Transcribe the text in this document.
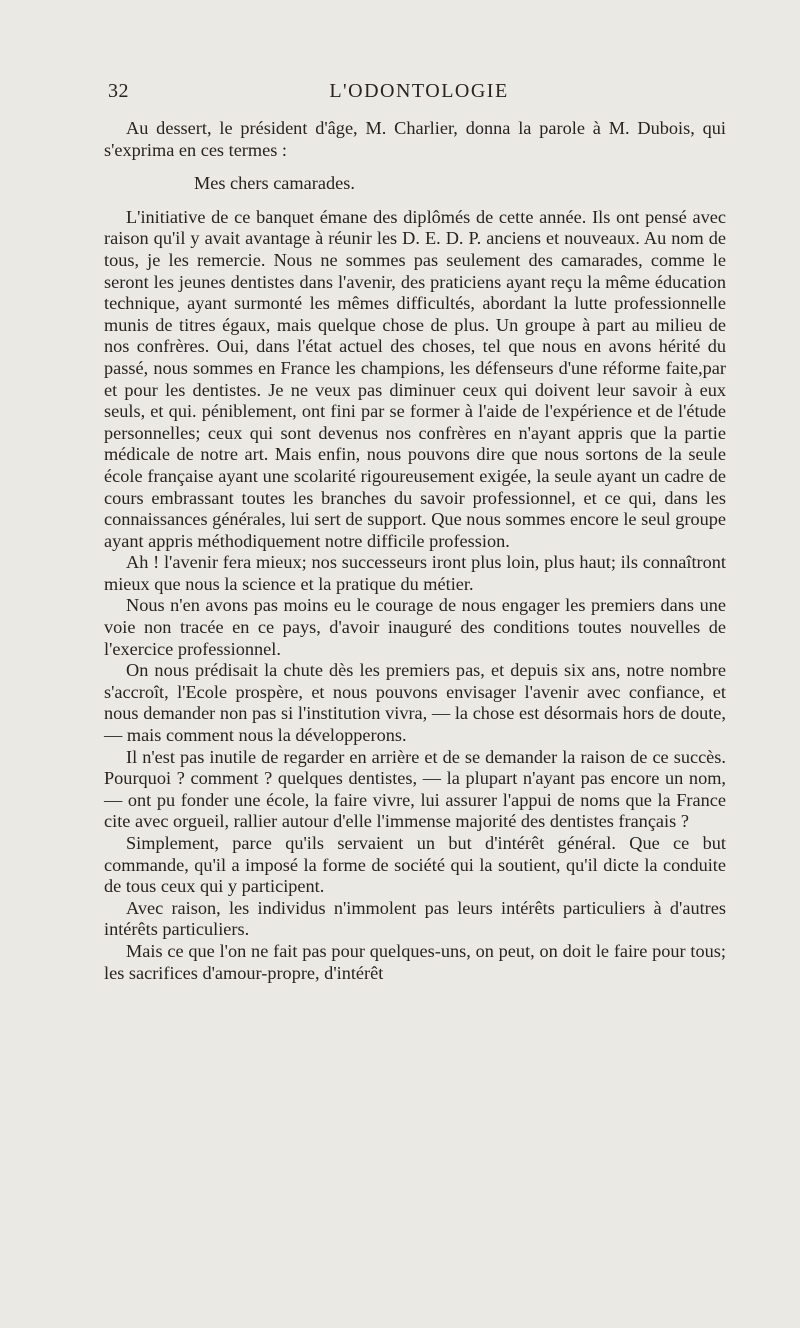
32	L'ODONTOLOGIE

Au dessert, le président d'âge, M. Charlier, donna la parole à M. Dubois, qui s'exprima en ces termes :

Mes chers camarades.

L'initiative de ce banquet émane des diplômés de cette année. Ils ont pensé avec raison qu'il y avait avantage à réunir les D. E. D. P. anciens et nouveaux. Au nom de tous, je les remercie. Nous ne sommes pas seulement des camarades, comme le seront les jeunes dentistes dans l'avenir, des praticiens ayant reçu la même éducation technique, ayant surmonté les mêmes difficultés, abordant la lutte professionnelle munis de titres égaux, mais quelque chose de plus. Un groupe à part au milieu de nos confrères. Oui, dans l'état actuel des choses, tel que nous en avons hérité du passé, nous sommes en France les champions, les défenseurs d'une réforme faite,par et pour les dentistes. Je ne veux pas diminuer ceux qui doivent leur savoir à eux seuls, et qui. péniblement, ont fini par se former à l'aide de l'expérience et de l'étude personnelles; ceux qui sont devenus nos confrères en n'ayant appris que la partie médicale de notre art. Mais enfin, nous pouvons dire que nous sortons de la seule école française ayant une scolarité rigoureusement exigée, la seule ayant un cadre de cours embrassant toutes les branches du savoir professionnel, et ce qui, dans les connaissances générales, lui sert de support. Que nous sommes encore le seul groupe ayant appris méthodiquement notre difficile profession.

Ah ! l'avenir fera mieux; nos successeurs iront plus loin, plus haut; ils connaîtront mieux que nous la science et la pratique du métier.

Nous n'en avons pas moins eu le courage de nous engager les premiers dans une voie non tracée en ce pays, d'avoir inauguré des conditions toutes nouvelles de l'exercice professionnel.

On nous prédisait la chute dès les premiers pas, et depuis six ans, notre nombre s'accroît, l'Ecole prospère, et nous pouvons envisager l'avenir avec confiance, et nous demander non pas si l'institution vivra, — la chose est désormais hors de doute, — mais comment nous la développerons.

Il n'est pas inutile de regarder en arrière et de se demander la raison de ce succès. Pourquoi ? comment ? quelques dentistes, — la plupart n'ayant pas encore un nom, — ont pu fonder une école, la faire vivre, lui assurer l'appui de noms que la France cite avec orgueil, rallier autour d'elle l'immense majorité des dentistes français ?

Simplement, parce qu'ils servaient un but d'intérêt général. Que ce but commande, qu'il a imposé la forme de société qui la soutient, qu'il dicte la conduite de tous ceux qui y participent.

Avec raison, les individus n'immolent pas leurs intérêts particuliers à d'autres intérêts particuliers.

Mais ce que l'on ne fait pas pour quelques-uns, on peut, on doit le faire pour tous; les sacrifices d'amour-propre, d'intérêt
